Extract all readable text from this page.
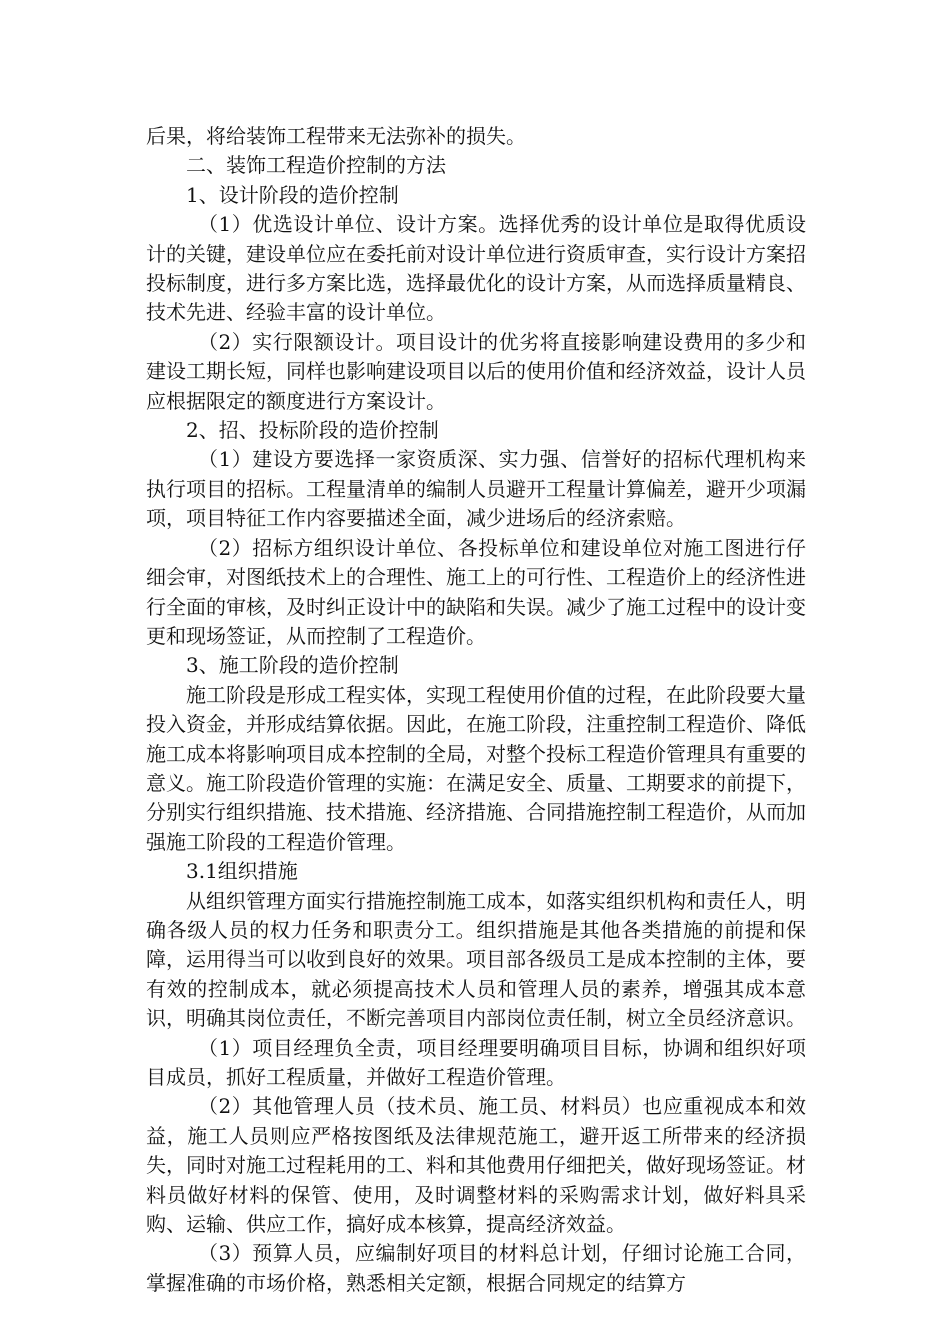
后果，将给装饰工程带来无法弥补的损失。

二、装饰工程造价控制的方法

1、设计阶段的造价控制

（1）优选设计单位、设计方案。选择优秀的设计单位是取得优质设计的关键，建设单位应在委托前对设计单位进行资质审查，实行设计方案招投标制度，进行多方案比选，选择最优化的设计方案，从而选择质量精良、技术先进、经验丰富的设计单位。

（2）实行限额设计。项目设计的优劣将直接影响建设费用的多少和建设工期长短，同样也影响建设项目以后的使用价值和经济效益，设计人员应根据限定的额度进行方案设计。

2、招、投标阶段的造价控制

（1）建设方要选择一家资质深、实力强、信誉好的招标代理机构来执行项目的招标。工程量清单的编制人员避开工程量计算偏差，避开少项漏项，项目特征工作内容要描述全面，减少进场后的经济索赔。

（2）招标方组织设计单位、各投标单位和建设单位对施工图进行仔细会审，对图纸技术上的合理性、施工上的可行性、工程造价上的经济性进行全面的审核，及时纠正设计中的缺陷和失误。减少了施工过程中的设计变更和现场签证，从而控制了工程造价。

3、施工阶段的造价控制

施工阶段是形成工程实体，实现工程使用价值的过程，在此阶段要大量投入资金，并形成结算依据。因此，在施工阶段，注重控制工程造价、降低施工成本将影响项目成本控制的全局，对整个投标工程造价管理具有重要的意义。施工阶段造价管理的实施：在满足安全、质量、工期要求的前提下，分别实行组织措施、技术措施、经济措施、合同措施控制工程造价，从而加强施工阶段的工程造价管理。

3.1组织措施

从组织管理方面实行措施控制施工成本，如落实组织机构和责任人，明确各级人员的权力任务和职责分工。组织措施是其他各类措施的前提和保障，运用得当可以收到良好的效果。项目部各级员工是成本控制的主体，要有效的控制成本，就必须提高技术人员和管理人员的素养，增强其成本意识，明确其岗位责任，不断完善项目内部岗位责任制，树立全员经济意识。

（1）项目经理负全责，项目经理要明确项目目标，协调和组织好项目成员，抓好工程质量，并做好工程造价管理。

（2）其他管理人员（技术员、施工员、材料员）也应重视成本和效益，施工人员则应严格按图纸及法律规范施工，避开返工所带来的经济损失，同时对施工过程耗用的工、料和其他费用仔细把关，做好现场签证。材料员做好材料的保管、使用，及时调整材料的采购需求计划，做好料具采购、运输、供应工作，搞好成本核算，提高经济效益。

（3）预算人员，应编制好项目的材料总计划，仔细讨论施工合同，掌握准确的市场价格，熟悉相关定额，根据合同规定的结算方
